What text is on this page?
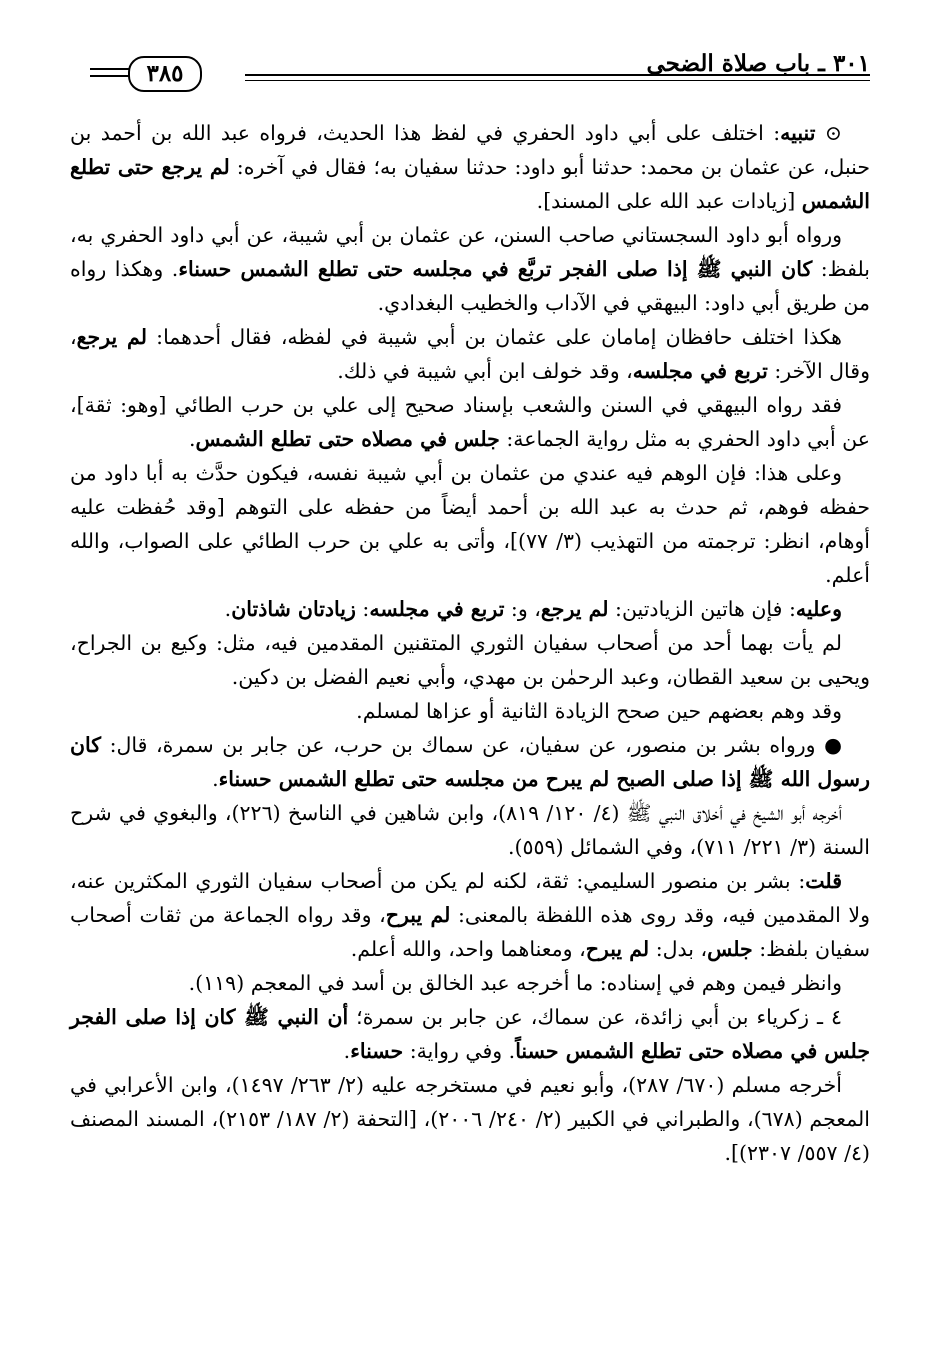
٣٠١ ـ باب صلاة الضحى
٣٨٥

⊙ تنبيه: اختلف على أبي داود الحفري في لفظ هذا الحديث، فرواه عبد الله بن أحمد بن حنبل، عن عثمان بن محمد: حدثنا أبو داود: حدثنا سفيان به؛ فقال في آخره: لم يرجع حتى تطلع الشمس [زيادات عبد الله على المسند].

ورواه أبو داود السجستاني صاحب السنن، عن عثمان بن أبي شيبة، عن أبي داود الحفري به، بلفظ: كان النبي ﷺ إذا صلى الفجر تربَّع في مجلسه حتى تطلع الشمس حسناء. وهكذا رواه من طريق أبي داود: البيهقي في الآداب والخطيب البغدادي.

هكذا اختلف حافظان إمامان على عثمان بن أبي شيبة في لفظه، فقال أحدهما: لم يرجع، وقال الآخر: تربع في مجلسه، وقد خولف ابن أبي شيبة في ذلك.

فقد رواه البيهقي في السنن والشعب بإسناد صحيح إلى علي بن حرب الطائي [وهو: ثقة]، عن أبي داود الحفري به مثل رواية الجماعة: جلس في مصلاه حتى تطلع الشمس.

وعلى هذا: فإن الوهم فيه عندي من عثمان بن أبي شيبة نفسه، فيكون حدَّث به أبا داود من حفظه فوهم، ثم حدث به عبد الله بن أحمد أيضاً من حفظه على التوهم [وقد حُفظت عليه أوهام، انظر: ترجمته من التهذيب (٣/ ٧٧)]، وأتى به علي بن حرب الطائي على الصواب، والله أعلم.

وعليه: فإن هاتين الزيادتين: لم يرجع، و: تربع في مجلسه: زيادتان شاذتان.

لم يأت بهما أحد من أصحاب سفيان الثوري المتقنين المقدمين فيه، مثل: وكيع بن الجراح، ويحيى بن سعيد القطان، وعبد الرحمٰن بن مهدي، وأبي نعيم الفضل بن دكين.

وقد وهم بعضهم حين صحح الزيادة الثانية أو عزاها لمسلم.

● ورواه بشر بن منصور، عن سفيان، عن سماك بن حرب، عن جابر بن سمرة، قال: كان رسول الله ﷺ إذا صلى الصبح لم يبرح من مجلسه حتى تطلع الشمس حسناء.

أخرجه أبو الشيخ في أخلاق النبي ﷺ (٤/ ١٢٠/ ٨١٩)، وابن شاهين في الناسخ (٢٢٦)، والبغوي في شرح السنة (٣/ ٢٢١/ ٧١١)، وفي الشمائل (٥٥٩).

قلت: بشر بن منصور السليمي: ثقة، لكنه لم يكن من أصحاب سفيان الثوري المكثرين عنه، ولا المقدمين فيه، وقد روى هذه اللفظة بالمعنى: لم يبرح، وقد رواه الجماعة من ثقات أصحاب سفيان بلفظ: جلس، بدل: لم يبرح، ومعناهما واحد، والله أعلم.

وانظر فيمن وهم في إسناده: ما أخرجه عبد الخالق بن أسد في المعجم (١١٩).

٤ ـ زكرياء بن أبي زائدة، عن سماك، عن جابر بن سمرة؛ أن النبي ﷺ كان إذا صلى الفجر جلس في مصلاه حتى تطلع الشمس حسناً. وفي رواية: حسناء.

أخرجه مسلم (٦٧٠/ ٢٨٧)، وأبو نعيم في مستخرجه عليه (٢/ ٢٦٣/ ١٤٩٧)، وابن الأعرابي في المعجم (٦٧٨)، والطبراني في الكبير (٢/ ٢٤٠/ ٢٠٠٦)، [التحفة (٢/ ١٨٧/ ٢١٥٣)، المسند المصنف (٤/ ٥٥٧/ ٢٣٠٧)].
